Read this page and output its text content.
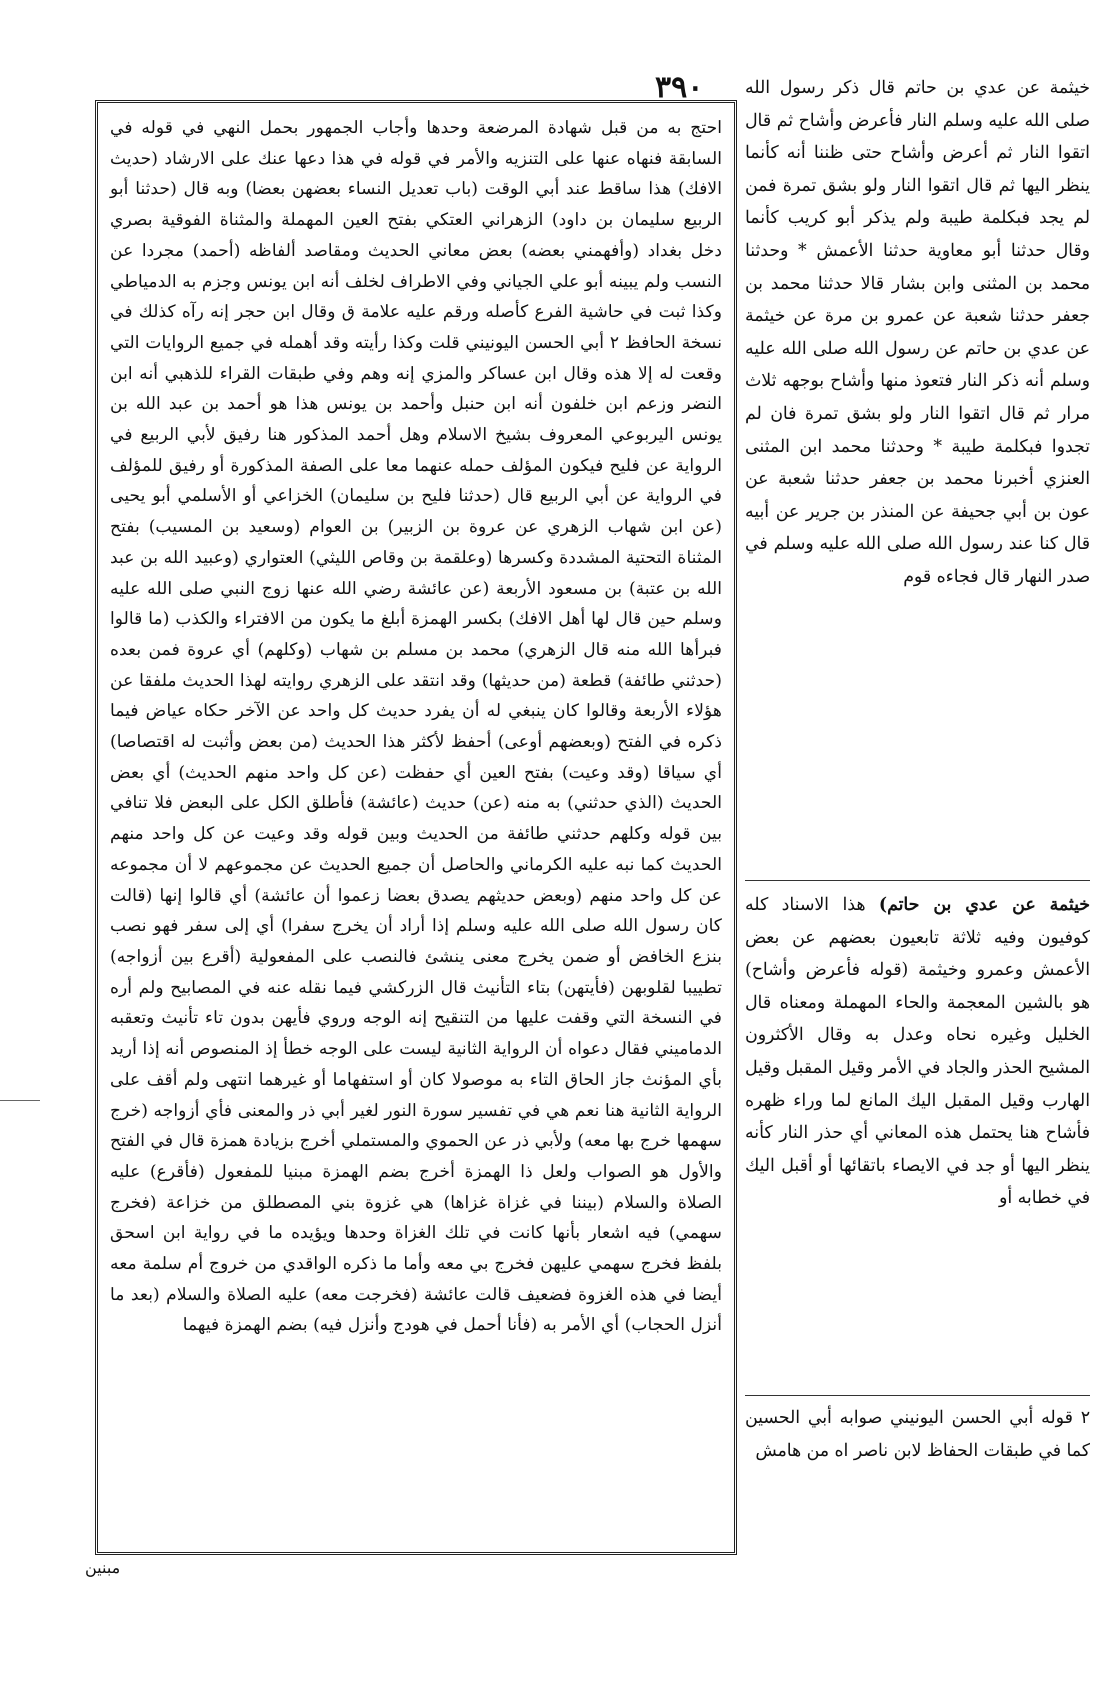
٣٩٠
احتج به من قبل شهادة المرضعة وحدها وأجاب الجمهور بحمل النهي في قوله في السابقة فنهاه عنها على التنزيه والأمر في قوله في هذا دعها عنك على الارشاد (حديث الافك) هذا ساقط عند أبي الوقت (باب تعديل النساء بعضهن بعضا) وبه قال (حدثنا أبو الربيع سليمان بن داود) الزهراني العتكي بفتح العين المهملة والمثناة الفوقية بصري دخل بغداد (وأفهمني بعضه) بعض معاني الحديث ومقاصد ألفاظه (أحمد) مجردا عن النسب ولم يبينه أبو علي الجياني وفي الاطراف لخلف أنه ابن يونس وجزم به الدمياطي وكذا ثبت في حاشية الفرع كأصله ورقم عليه علامة ق وقال ابن حجر إنه رآه كذلك في نسخة الحافظ ٢ أبي الحسن اليونيني قلت وكذا رأيته وقد أهمله في جميع الروايات التي وقعت له إلا هذه وقال ابن عساكر والمزي إنه وهم وفي طبقات القراء للذهبي أنه ابن النضر وزعم ابن خلفون أنه ابن حنبل وأحمد بن يونس هذا هو أحمد بن عبد الله بن يونس اليربوعي المعروف بشيخ الاسلام وهل أحمد المذكور هنا رفيق لأبي الربيع في الرواية عن فليح فيكون المؤلف حمله عنهما معا على الصفة المذكورة أو رفيق للمؤلف في الرواية عن أبي الربيع قال (حدثنا فليح بن سليمان) الخزاعي أو الأسلمي أبو يحيى (عن ابن شهاب الزهري عن عروة بن الزبير) بن العوام (وسعيد بن المسيب) بفتح المثناة التحتية المشددة وكسرها (وعلقمة بن وقاص الليثي) العتواري (وعبيد الله بن عبد الله بن عتبة) بن مسعود الأربعة (عن عائشة رضي الله عنها زوج النبي صلى الله عليه وسلم حين قال لها أهل الافك) بكسر الهمزة أبلغ ما يكون من الافتراء والكذب (ما قالوا فبرأها الله منه قال الزهري) محمد بن مسلم بن شهاب (وكلهم) أي عروة فمن بعده (حدثني طائفة) قطعة (من حديثها) وقد انتقد على الزهري روايته لهذا الحديث ملفقا عن هؤلاء الأربعة وقالوا كان ينبغي له أن يفرد حديث كل واحد عن الآخر حكاه عياض فيما ذكره في الفتح (وبعضهم أوعى) أحفظ لأكثر هذا الحديث (من بعض وأثبت له اقتصاصا) أي سياقا (وقد وعيت) بفتح العين أي حفظت (عن كل واحد منهم الحديث) أي بعض الحديث (الذي حدثني) به منه (عن) حديث (عائشة) فأطلق الكل على البعض فلا تنافي بين قوله وكلهم حدثني طائفة من الحديث وبين قوله وقد وعيت عن كل واحد منهم الحديث كما نبه عليه الكرماني والحاصل أن جميع الحديث عن مجموعهم لا أن مجموعه عن كل واحد منهم (وبعض حديثهم يصدق بعضا زعموا أن عائشة) أي قالوا إنها (قالت كان رسول الله صلى الله عليه وسلم إذا أراد أن يخرج سفرا) أي إلى سفر فهو نصب بنزع الخافض أو ضمن يخرج معنى ينشئ فالنصب على المفعولية (أقرع بين أزواجه) تطييبا لقلوبهن (فأيتهن) بتاء التأنيث قال الزركشي فيما نقله عنه في المصابيح ولم أره في النسخة التي وقفت عليها من التنقيح إنه الوجه وروي فأيهن بدون تاء تأنيث وتعقبه الدماميني فقال دعواه أن الرواية الثانية ليست على الوجه خطأ إذ المنصوص أنه إذا أريد بأي المؤنث جاز الحاق التاء به موصولا كان أو استفهاما أو غيرهما انتهى ولم أقف على الرواية الثانية هنا نعم هي في تفسير سورة النور لغير أبي ذر والمعنى فأي أزواجه (خرج سهمها خرج بها معه) ولأبي ذر عن الحموي والمستملي أخرج بزيادة همزة قال في الفتح والأول هو الصواب ولعل ذا الهمزة أخرج بضم الهمزة مبنيا للمفعول (فأقرع) عليه الصلاة والسلام (بيننا في غزاة غزاها) هي غزوة بني المصطلق من خزاعة (فخرج سهمي) فيه اشعار بأنها كانت في تلك الغزاة وحدها ويؤيده ما في رواية ابن اسحق بلفظ فخرج سهمي عليهن فخرج بي معه وأما ما ذكره الواقدي من خروج أم سلمة معه أيضا في هذه الغزوة فضعيف قالت عائشة (فخرجت معه) عليه الصلاة والسلام (بعد ما أنزل الحجاب) أي الأمر به (فأنا أحمل في هودج وأنزل فيه) بضم الهمزة فيهما
خيثمة عن عدي بن حاتم قال ذكر رسول الله صلى الله عليه وسلم النار فأعرض وأشاح ثم قال اتقوا النار ثم أعرض وأشاح حتى ظننا أنه كأنما ينظر اليها ثم قال اتقوا النار ولو بشق تمرة فمن لم يجد فبكلمة طيبة ولم يذكر أبو كريب كأنما وقال حدثنا أبو معاوية حدثنا الأعمش * وحدثنا محمد بن المثنى وابن بشار قالا حدثنا محمد بن جعفر حدثنا شعبة عن عمرو بن مرة عن خيثمة عن عدي بن حاتم عن رسول الله صلى الله عليه وسلم أنه ذكر النار فتعوذ منها وأشاح بوجهه ثلاث مرار ثم قال اتقوا النار ولو بشق تمرة فان لم تجدوا فبكلمة طيبة * وحدثنا محمد ابن المثنى العنزي أخبرنا محمد بن جعفر حدثنا شعبة عن عون بن أبي جحيفة عن المنذر بن جرير عن أبيه قال كنا عند رسول الله صلى الله عليه وسلم في صدر النهار قال فجاءه قوم
خيثمة عن عدي بن حاتم) هذا الاسناد كله كوفيون وفيه ثلاثة تابعيون بعضهم عن بعض الأعمش وعمرو وخيثمة (قوله فأعرض وأشاح) هو بالشين المعجمة والحاء المهملة ومعناه قال الخليل وغيره نحاه وعدل به وقال الأكثرون المشيح الحذر والجاد في الأمر وقيل المقبل وقيل الهارب وقيل المقبل اليك المانع لما وراء ظهره فأشاح هنا يحتمل هذه المعاني أي حذر النار كأنه ينظر اليها أو جد في الايصاء باتقائها أو أقبل اليك في خطابه أو
٢ قوله أبي الحسن اليونيني صوابه أبي الحسين كما في طبقات الحفاظ لابن ناصر اه من هامش
مبنين
